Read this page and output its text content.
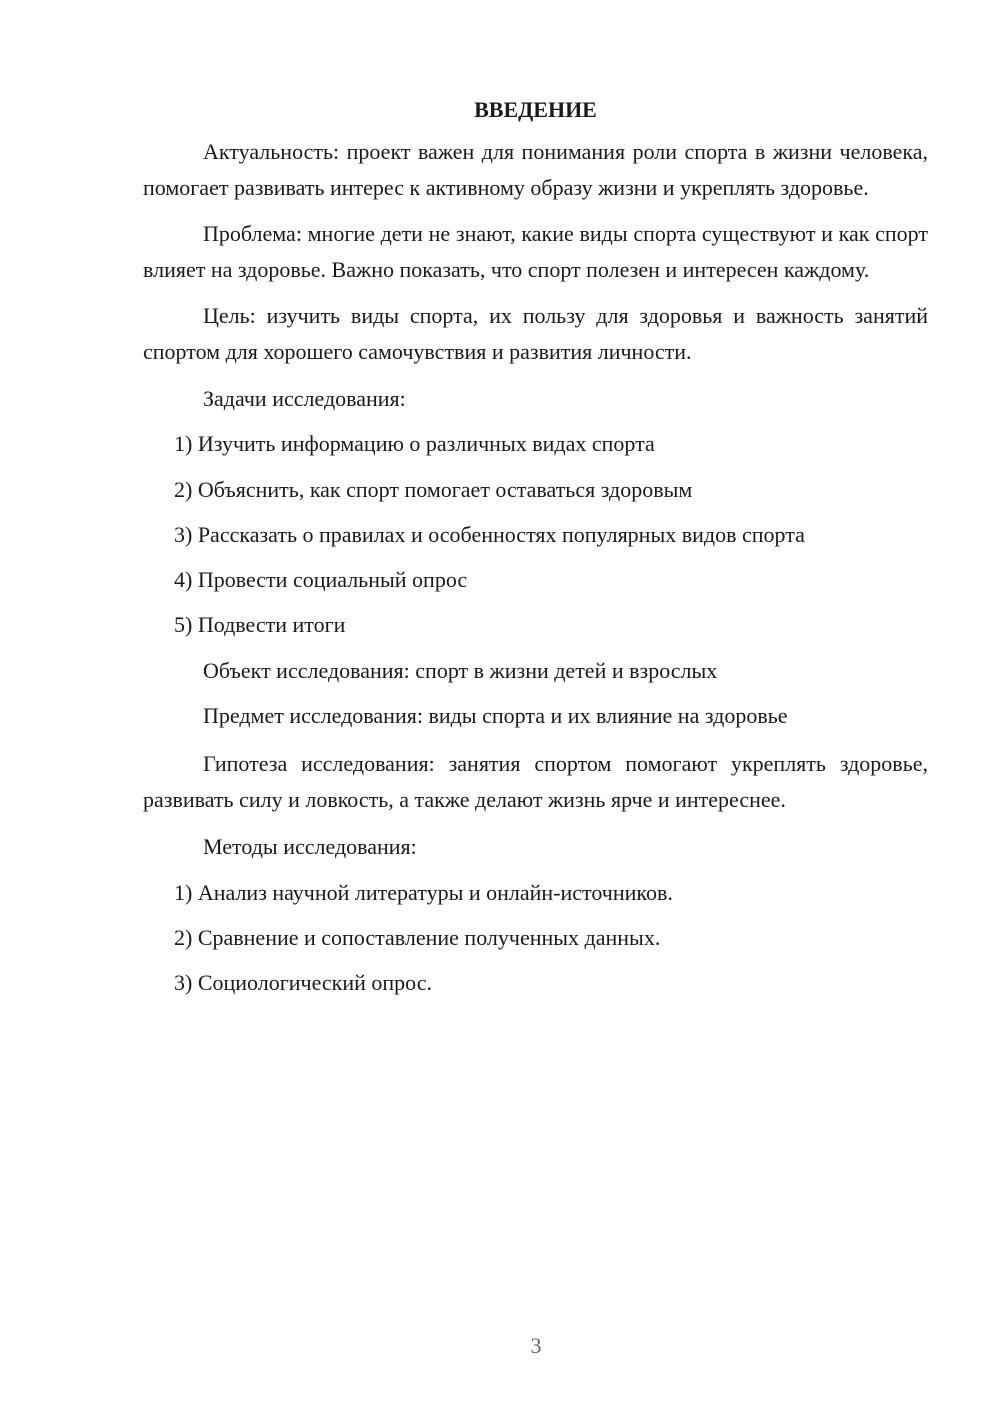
ВВЕДЕНИЕ

Актуальность: проект важен для понимания роли спорта в жизни человека, помогает развивать интерес к активному образу жизни и укреплять здоровье.

Проблема: многие дети не знают, какие виды спорта существуют и как спорт влияет на здоровье. Важно показать, что спорт полезен и интересен каждому.

Цель: изучить виды спорта, их пользу для здоровья и важность занятий спортом для хорошего самочувствия и развития личности.

Задачи исследования:

1) Изучить информацию о различных видах спорта

2) Объяснить, как спорт помогает оставаться здоровым

3) Рассказать о правилах и особенностях популярных видов спорта

4) Провести социальный опрос

5) Подвести итоги

Объект исследования: спорт в жизни детей и взрослых

Предмет исследования: виды спорта и их влияние на здоровье

Гипотеза исследования: занятия спортом помогают укреплять здоровье, развивать силу и ловкость, а также делают жизнь ярче и интереснее.

Методы исследования:

1) Анализ научной литературы и онлайн-источников.

2) Сравнение и сопоставление полученных данных.

3) Социологический опрос.

3
